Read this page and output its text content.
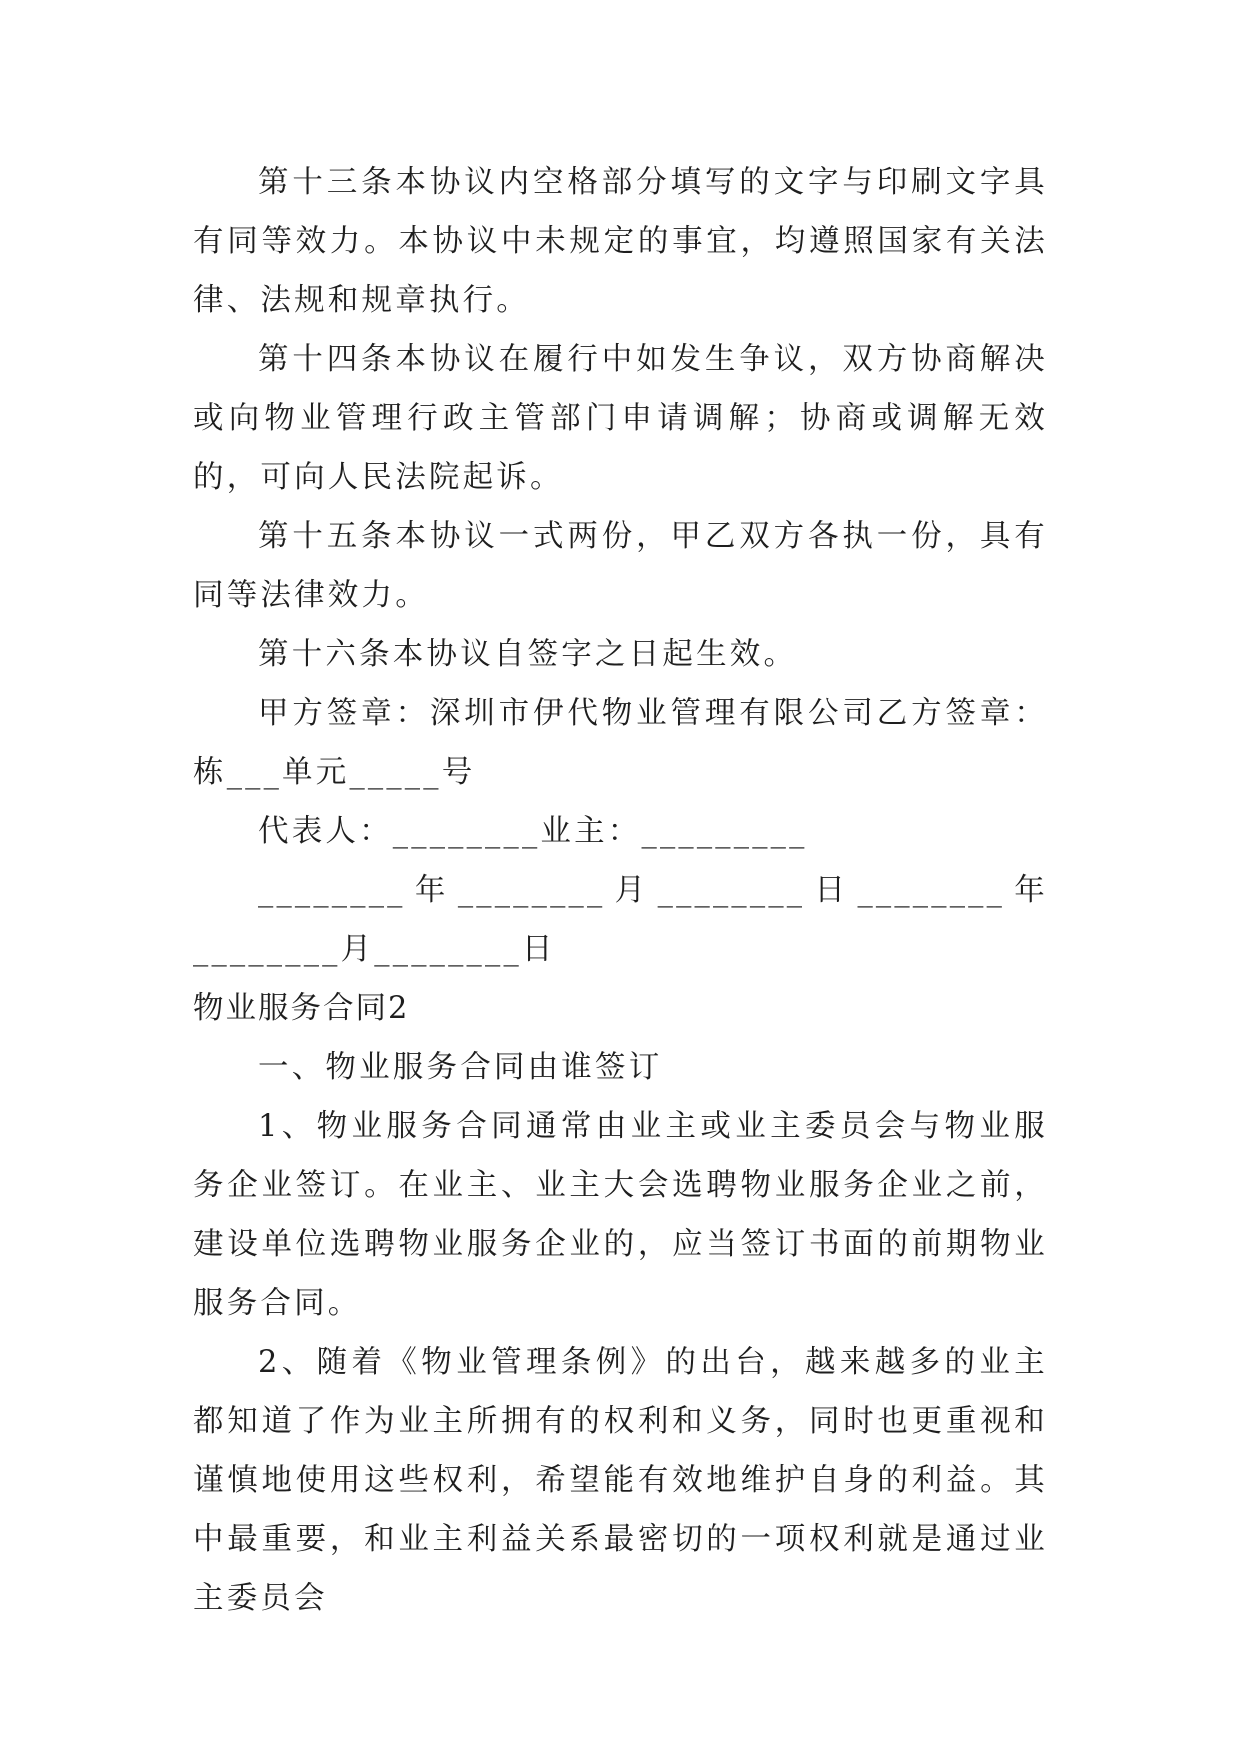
第十三条本协议内空格部分填写的文字与印刷文字具有同等效力。本协议中未规定的事宜，均遵照国家有关法律、法规和规章执行。

第十四条本协议在履行中如发生争议，双方协商解决或向物业管理行政主管部门申请调解；协商或调解无效的，可向人民法院起诉。

第十五条本协议一式两份，甲乙双方各执一份，具有同等法律效力。

第十六条本协议自签字之日起生效。

甲方签章：深圳市伊代物业管理有限公司乙方签章：栋___单元_____号

代表人：________业主：_________

________年________月________日________年________月________日

物业服务合同2

一、物业服务合同由谁签订

1、物业服务合同通常由业主或业主委员会与物业服务企业签订。在业主、业主大会选聘物业服务企业之前，建设单位选聘物业服务企业的，应当签订书面的前期物业服务合同。

2、随着《物业管理条例》的出台，越来越多的业主都知道了作为业主所拥有的权利和义务，同时也更重视和谨慎地使用这些权利，希望能有效地维护自身的利益。其中最重要，和业主利益关系最密切的一项权利就是通过业主委员会
